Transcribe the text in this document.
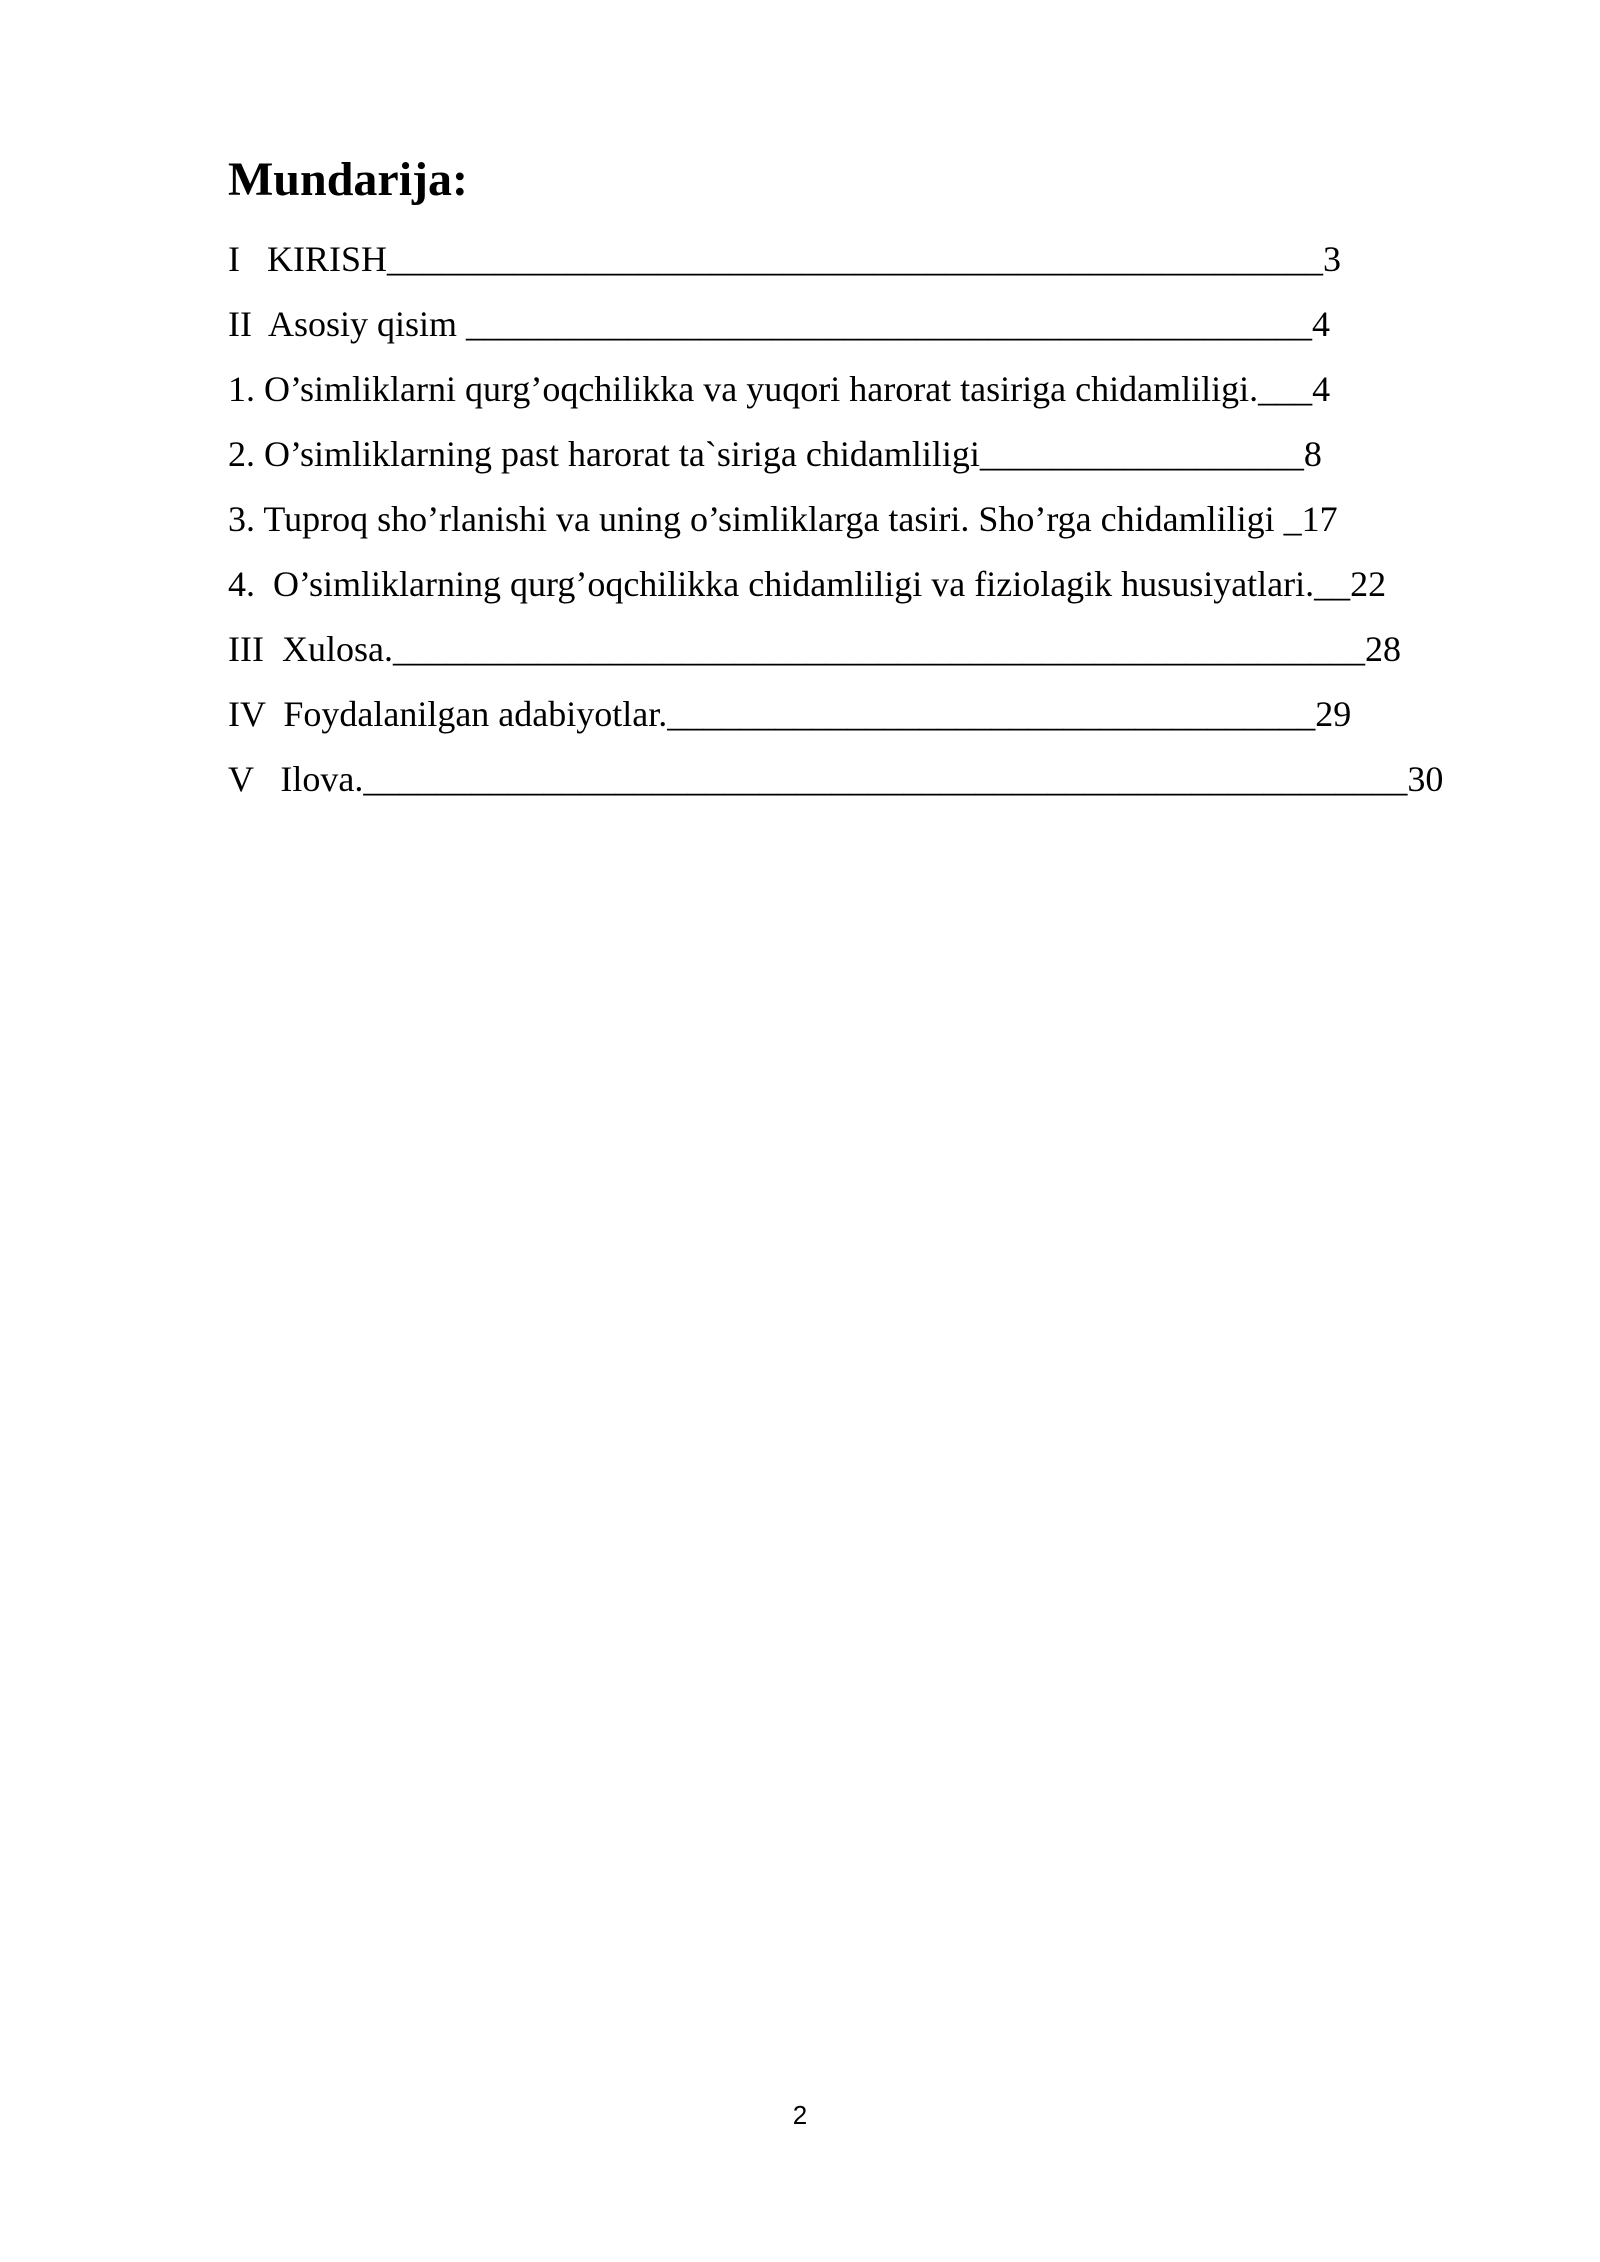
Mundarija:

I   KIRISH____________________________________________________3

II  Asosiy qisim _______________________________________________4

1. O’simliklarni qurg’oqchilikka va yuqori harorat tasiriga chidamliligi.___4

2. O’simliklarning past harorat ta`siriga chidamliligi__________________8

3. Tuproq sho’rlanishi va uning o’simliklarga tasiri. Sho’rga chidamliligi _17

4.  O’simliklarning qurg’oqchilikka chidamliligi va fiziolagik hususiyatlari.__22

III  Xulosa.______________________________________________________28

IV  Foydalanilgan adabiyotlar.____________________________________29

V   Ilova.__________________________________________________________30

2
